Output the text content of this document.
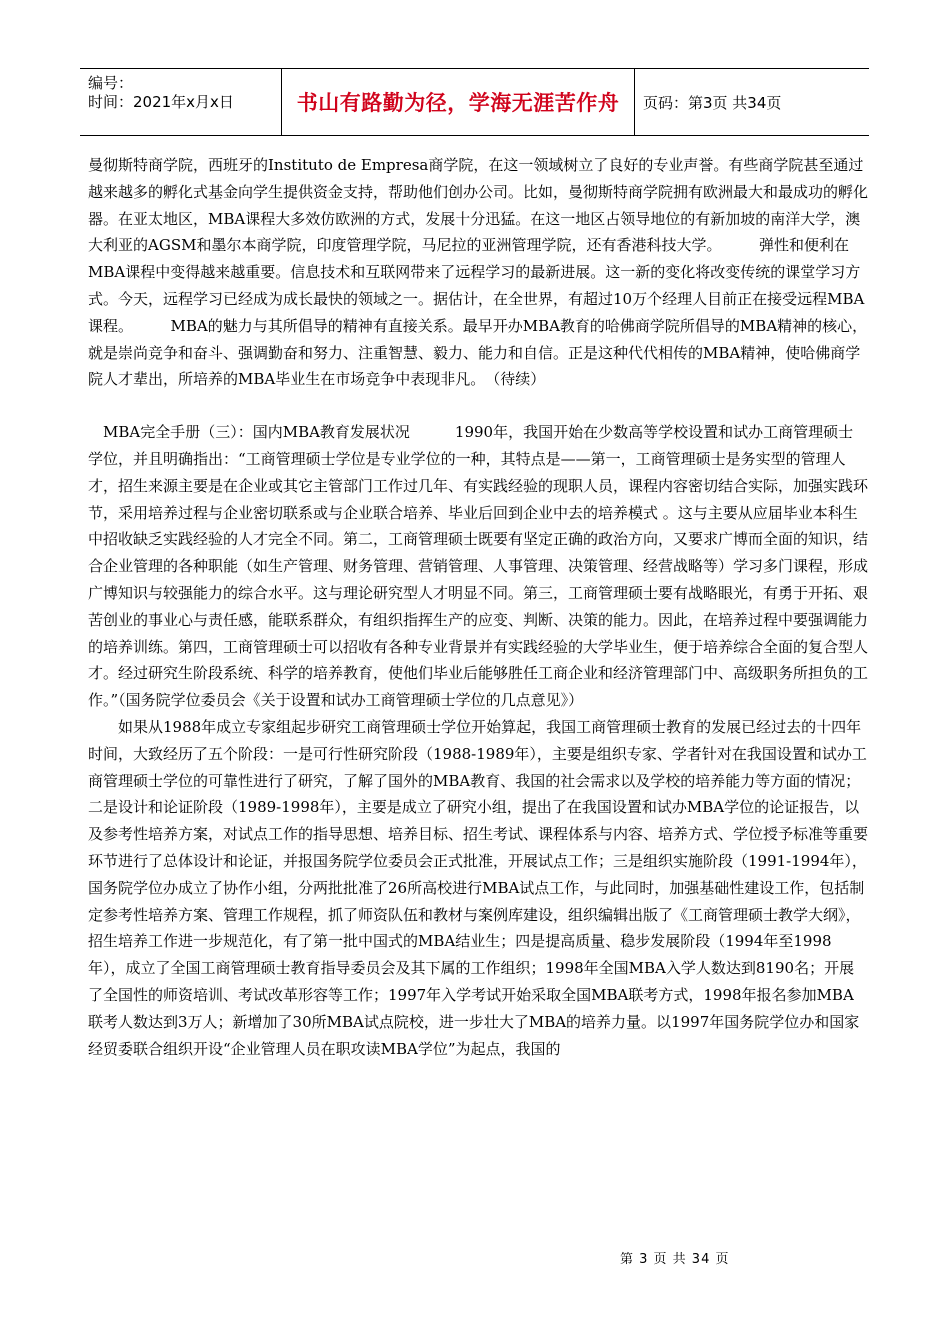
编号：
时间：2021年x月x日	书山有路勤为径，学海无涯苦作舟	页码：第3页 共34页

曼彻斯特商学院，西班牙的Instituto de Empresa商学院，在这一领域树立了良好的专业声誉。有些商学院甚至通过越来越多的孵化式基金向学生提供资金支持，帮助他们创办公司。比如，曼彻斯特商学院拥有欧洲最大和最成功的孵化器。在亚太地区，MBA课程大多效仿欧洲的方式，发展十分迅猛。在这一地区占领导地位的有新加坡的南洋大学，澳大利亚的AGSM和墨尔本商学院，印度管理学院，马尼拉的亚洲管理学院，还有香港科技大学。　　　弹性和便利在MBA课程中变得越来越重要。信息技术和互联网带来了远程学习的最新进展。这一新的变化将改变传统的课堂学习方式。今天，远程学习已经成为成长最快的领域之一。据估计，在全世界，有超过10万个经理人目前正在接受远程MBA课程。　　　MBA的魅力与其所倡导的精神有直接关系。最早开办MBA教育的哈佛商学院所倡导的MBA精神的核心，就是崇尚竞争和奋斗、强调勤奋和努力、注重智慧、毅力、能力和自信。正是这种代代相传的MBA精神，使哈佛商学院人才辈出，所培养的MBA毕业生在市场竞争中表现非凡。　（待续）

　MBA完全手册（三）：国内MBA教育发展状况　　　1990年，我国开始在少数高等学校设置和试办工商管理硕士学位，并且明确指出：“工商管理硕士学位是专业学位的一种，其特点是——第一，工商管理硕士是务实型的管理人才，招生来源主要是在企业或其它主管部门工作过几年、有实践经验的现职人员，课程内容密切结合实际，加强实践环节，采用培养过程与企业密切联系或与企业联合培养、毕业后回到企业中去的培养模式 。这与主要从应届毕业本科生中招收缺乏实践经验的人才完全不同。第二，工商管理硕士既要有坚定正确的政治方向，又要求广博而全面的知识，结合企业管理的各种职能（如生产管理、财务管理、营销管理、人事管理、决策管理、经营战略等）学习多门课程，形成广博知识与较强能力的综合水平。这与理论研究型人才明显不同。第三，工商管理硕士要有战略眼光，有勇于开拓、艰苦创业的事业心与责任感，能联系群众，有组织指挥生产的应变、判断、决策的能力。因此，在培养过程中要强调能力的培养训练。第四，工商管理硕士可以招收有各种专业背景并有实践经验的大学毕业生，便于培养综合全面的复合型人才。经过研究生阶段系统、科学的培养教育，使他们毕业后能够胜任工商企业和经济管理部门中、高级职务所担负的工作。”（国务院学位委员会《关于设置和试办工商管理硕士学位的几点意见》）

　　如果从1988年成立专家组起步研究工商管理硕士学位开始算起，我国工商管理硕士教育的发展已经过去的十四年时间，大致经历了五个阶段：一是可行性研究阶段（1988-1989年），主要是组织专家、学者针对在我国设置和试办工商管理硕士学位的可靠性进行了研究，了解了国外的MBA教育、我国的社会需求以及学校的培养能力等方面的情况；二是设计和论证阶段（1989-1998年），主要是成立了研究小组，提出了在我国设置和试办MBA学位的论证报告，以及参考性培养方案，对试点工作的指导思想、培养目标、招生考试、课程体系与内容、培养方式、学位授予标准等重要环节进行了总体设计和论证，并报国务院学位委员会正式批准，开展试点工作；三是组织实施阶段（1991-1994年），国务院学位办成立了协作小组，分两批批准了26所高校进行MBA试点工作，与此同时，加强基础性建设工作，包括制定参考性培养方案、管理工作规程，抓了师资队伍和教材与案例库建设，组织编辑出版了《工商管理硕士教学大纲》，招生培养工作进一步规范化，有了第一批中国式的MBA结业生；四是提高质量、稳步发展阶段（1994年至1998年），成立了全国工商管理硕士教育指导委员会及其下属的工作组织；1998年全国MBA入学人数达到8190名；开展了全国性的师资培训、考试改革形容等工作；1997年入学考试开始采取全国MBA联考方式，1998年报名参加MBA联考人数达到3万人；新增加了30所MBA试点院校，进一步壮大了MBA的培养力量。以1997年国务院学位办和国家经贸委联合组织开设“企业管理人员在职攻读MBA学位”为起点，我国的

第 3 页 共 34 页
